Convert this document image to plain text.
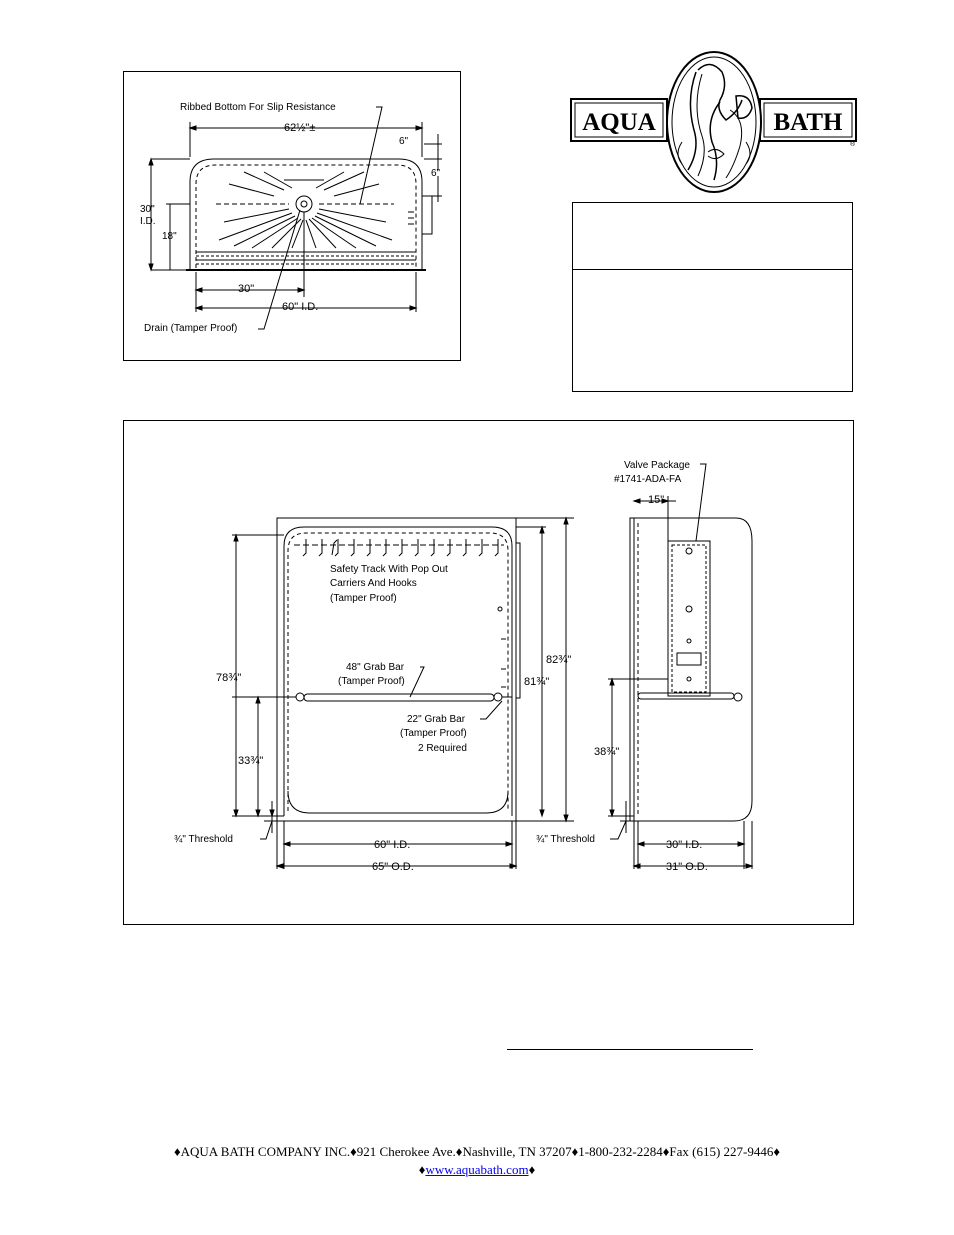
Ribbed Bottom For Slip Resistance
62½"±
6"
6"
30"
I.D.
18"
30"
60" I.D.
Drain (Tamper Proof)
AQUA	BATH
®
Safety Track With Pop Out
Carriers And Hooks
(Tamper Proof)
48" Grab Bar
(Tamper Proof)
22" Grab Bar
(Tamper Proof)
2 Required
78¾"
33¾"
82¾"
81¾"
¾" Threshold	60" I.D.
65" O.D.
Valve Package
#1741-ADA-FA
15"
38¾"
¾" Threshold	30" I.D.
31" O.D.
♦AQUA BATH COMPANY INC.♦921 Cherokee Ave.♦Nashville, TN 37207♦1-800-232-2284♦Fax (615) 227-9446♦
♦www.aquabath.com♦
